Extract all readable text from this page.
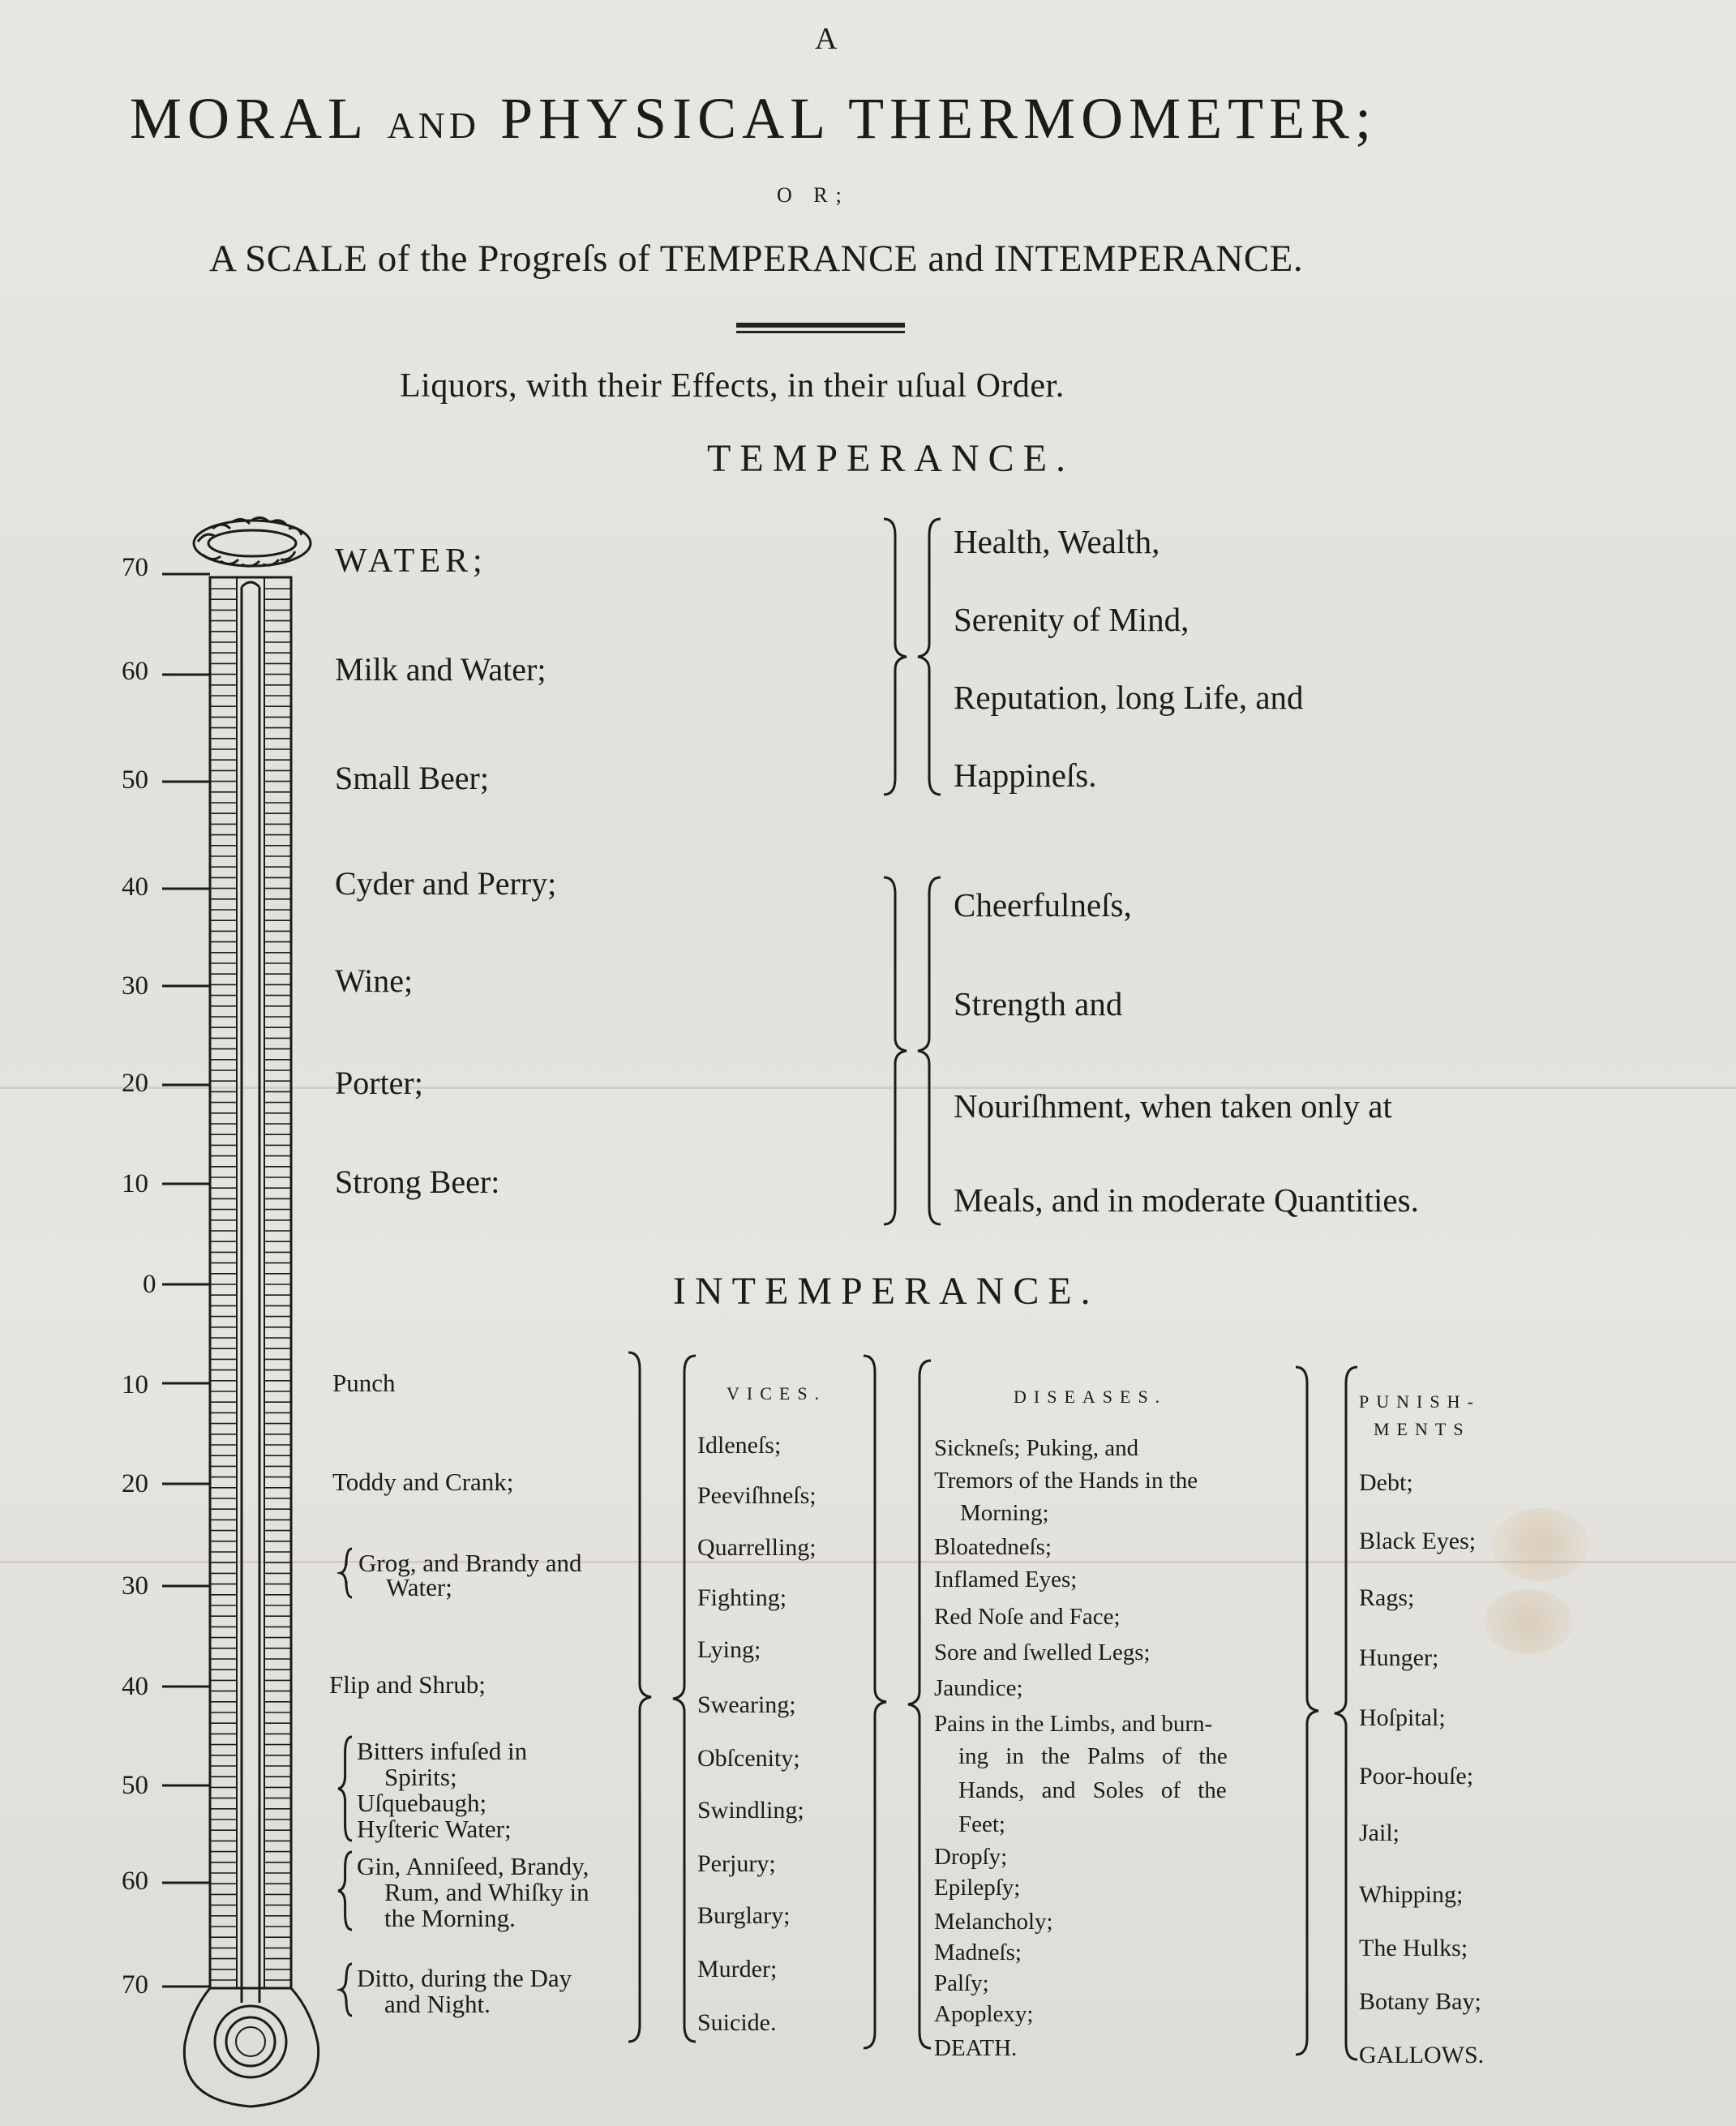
A
MORAL AND PHYSICAL THERMOMETER;
O R;
A SCALE of the Progreſs of TEMPERANCE and INTEMPERANCE.
Liquors, with their Effects, in their uſual Order.
TEMPERANCE.
INTEMPERANCE.
70
60
50
40
30
20
10
0
10
20
30
40
50
60
70
WATER;
Milk and Water;
Small Beer;
Cyder and Perry;
Wine;
Porter;
Strong Beer:
Health, Wealth,
Serenity of Mind,
Reputation, long Life, and
Happineſs.
Cheerfulneſs,
Strength and
Nouriſhment, when taken only at
Meals, and in moderate Quantities.
Punch
Toddy and Crank;
Grog, and Brandy and
Water;
Flip and Shrub;
Bitters infuſed in
Spirits;
Uſquebaugh;
Hyſteric Water;
Gin, Anniſeed, Brandy,
Rum, and Whiſky in
the Morning.
Ditto, during the Day
and Night.
VICES.	DISEASES.	PUNISH-
MENTS
Idleneſs;
Peeviſhneſs;
Quarrelling;
Fighting;
Lying;
Swearing;
Obſcenity;
Swindling;
Perjury;
Burglary;
Murder;
Suicide.
Sickneſs; Puking, and
Tremors of the Hands in the
Morning;
Bloatedneſs;
Inflamed Eyes;
Red Noſe and Face;
Sore and ſwelled Legs;
Jaundice;
Pains in the Limbs, and burn-
ing in the Palms of the
Hands, and Soles of the
Feet;
Dropſy;
Epilepſy;
Melancholy;
Madneſs;
Palſy;
Apoplexy;
DEATH.
Debt;
Black Eyes;
Rags;
Hunger;
Hoſpital;
Poor-houſe;
Jail;
Whipping;
The Hulks;
Botany Bay;
GALLOWS.
